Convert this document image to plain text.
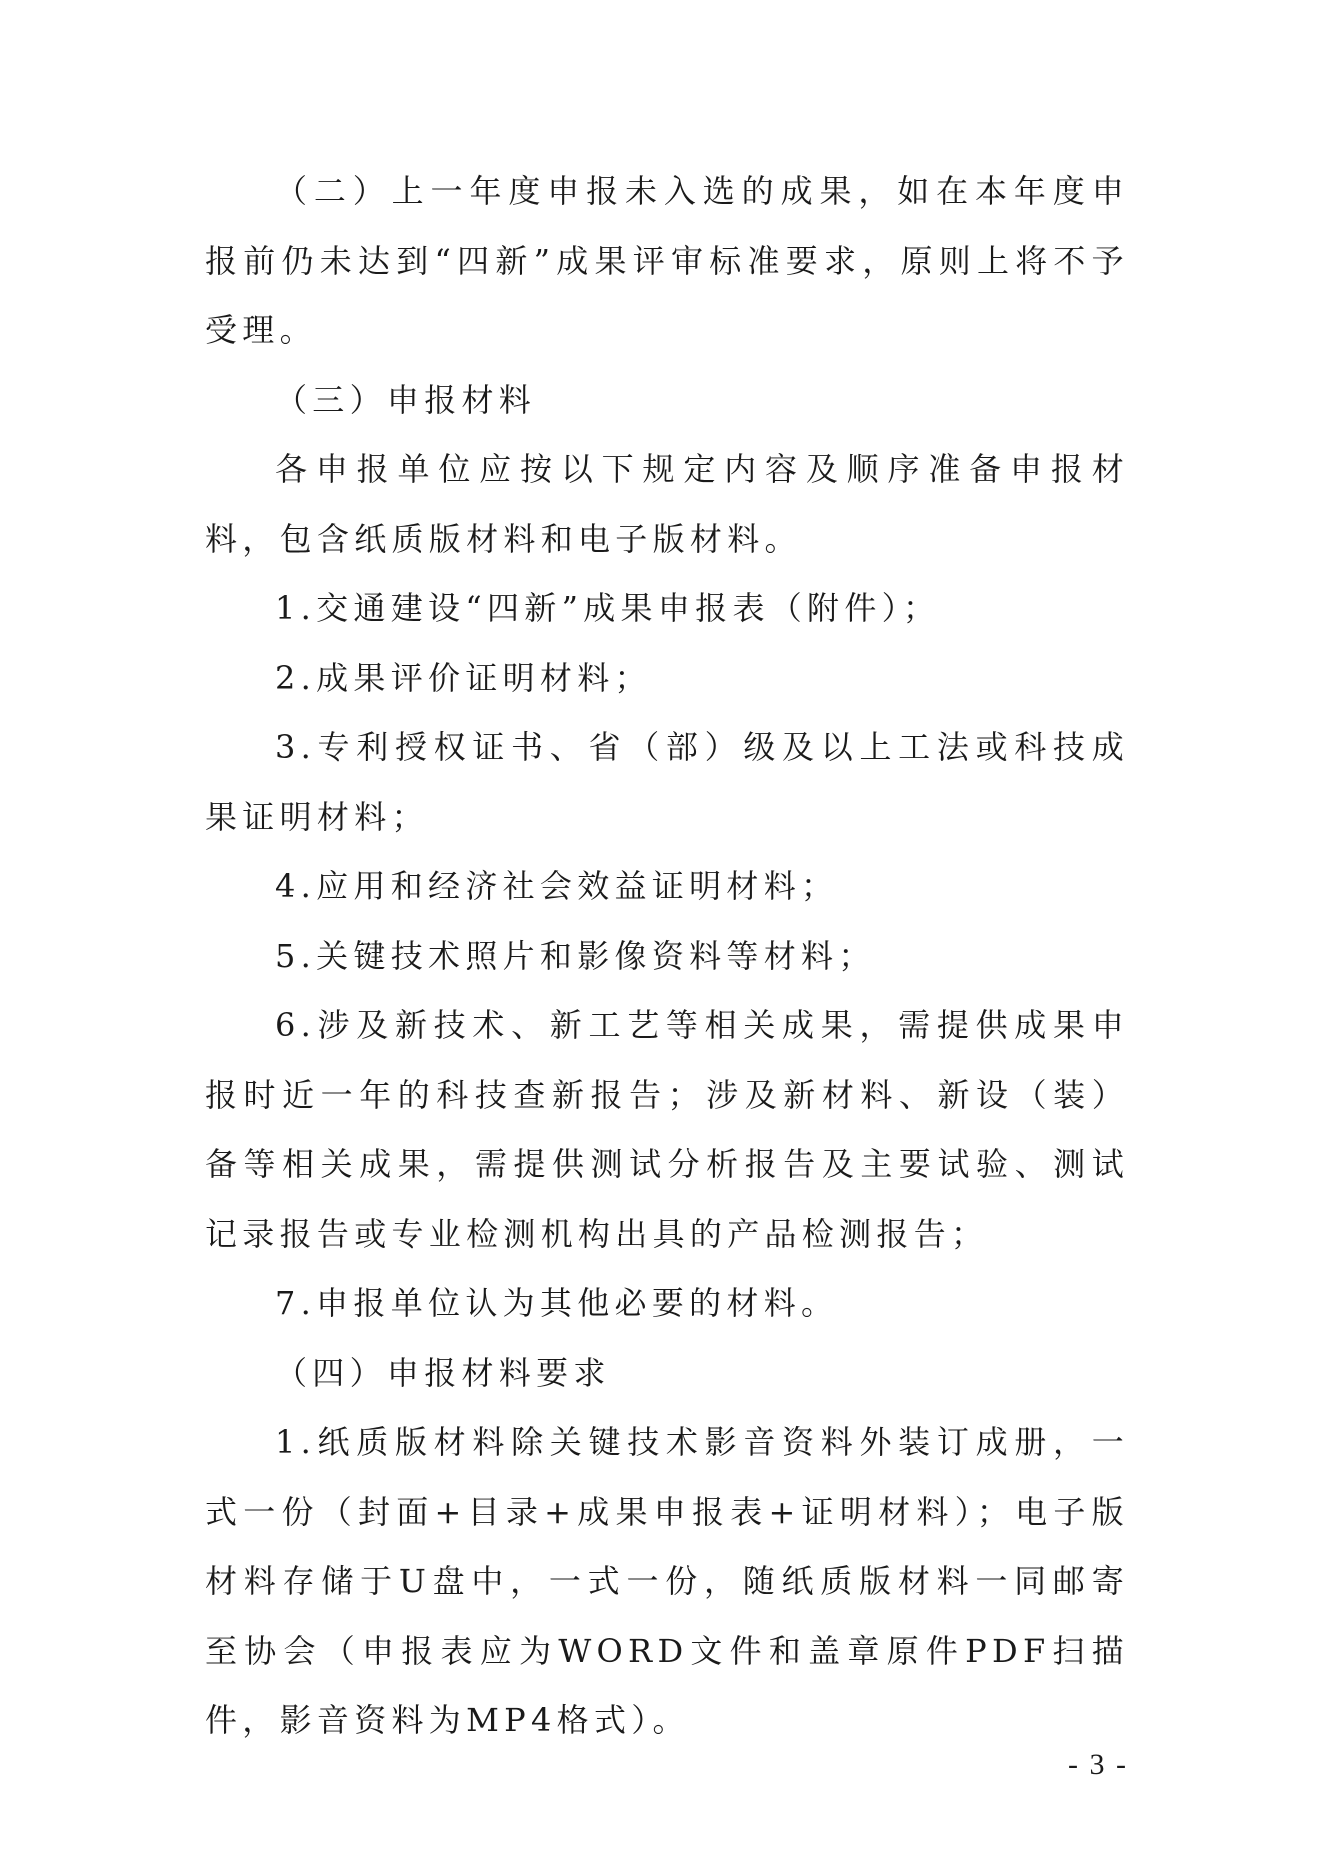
（二）上一年度申报未入选的成果，如在本年度申报前仍未达到“四新”成果评审标准要求，原则上将不予受理。

（三）申报材料

各申报单位应按以下规定内容及顺序准备申报材料，包含纸质版材料和电子版材料。

1.交通建设“四新”成果申报表（附件）；

2.成果评价证明材料；

3.专利授权证书、省（部）级及以上工法或科技成果证明材料；

4.应用和经济社会效益证明材料；

5.关键技术照片和影像资料等材料；

6.涉及新技术、新工艺等相关成果，需提供成果申报时近一年的科技查新报告；涉及新材料、新设（装）备等相关成果，需提供测试分析报告及主要试验、测试记录报告或专业检测机构出具的产品检测报告；

7.申报单位认为其他必要的材料。

（四）申报材料要求

1.纸质版材料除关键技术影音资料外装订成册，一式一份（封面+目录+成果申报表+证明材料）；电子版材料存储于U盘中，一式一份，随纸质版材料一同邮寄至协会（申报表应为WORD文件和盖章原件PDF扫描件，影音资料为MP4格式）。

- 3 -
